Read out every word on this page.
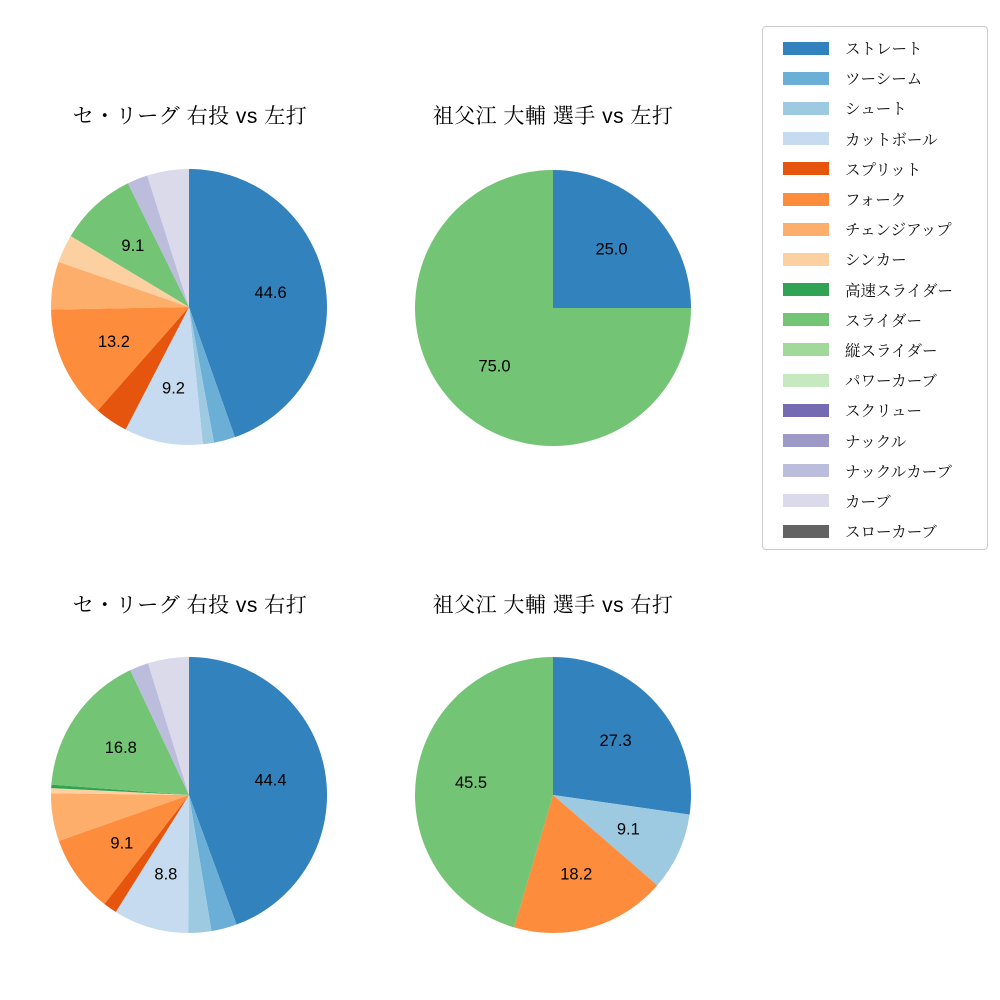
セ・リーグ 右投 vs 左打	祖父江 大輔 選手 vs 左打
セ・リーグ 右投 vs 右打	祖父江 大輔 選手 vs 右打
44.6
9.2
13.2
9.1	25.0
75.0
44.4
8.8
9.1
16.8	27.3
9.1
18.2
45.5
ストレート
ツーシーム
シュート
カットボール
スプリット
フォーク
チェンジアップ
シンカー
高速スライダー
スライダー
縦スライダー
パワーカーブ
スクリュー
ナックル
ナックルカーブ
カーブ
スローカーブ
